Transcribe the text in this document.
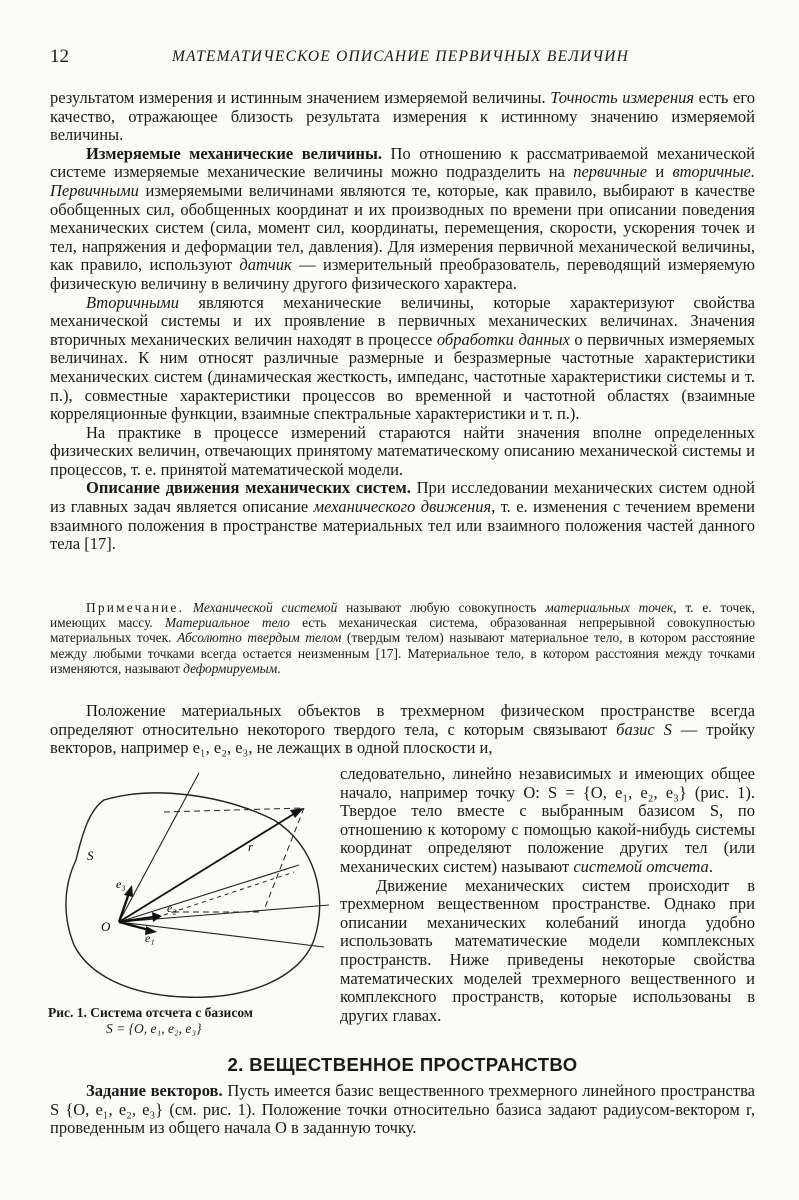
12	МАТЕМАТИЧЕСКОЕ ОПИСАНИЕ ПЕРВИЧНЫХ ВЕЛИЧИН

результатом измерения и истинным значением измеряемой величины. Точность измерения есть его качество, отражающее близость результата измерения к истинному значению измеряемой величины.

Измеряемые механические величины. По отношению к рассматриваемой механической системе измеряемые механические величины можно подразделить на первичные и вторичные. Первичными измеряемыми величинами являются те, которые, как правило, выбирают в качестве обобщенных сил, обобщенных координат и их производных по времени при описании поведения механических систем (сила, момент сил, координаты, перемещения, скорости, ускорения точек и тел, напряжения и деформации тел, давления). Для измерения первичной механической величины, как правило, используют датчик — измерительный преобразователь, переводящий измеряемую физическую величину в величину другого физического характера.

Вторичными являются механические величины, которые характеризуют свойства механической системы и их проявление в первичных механических величинах. Значения вторичных механических величин находят в процессе обработки данных о первичных измеряемых величинах. К ним относят различные размерные и безразмерные частотные характеристики механических систем (динамическая жесткость, импеданс, частотные характеристики системы и т. п.), совместные характеристики процессов во временной и частотной областях (взаимные корреляционные функции, взаимные спектральные характеристики и т. п.).

На практике в процессе измерений стараются найти значения вполне определенных физических величин, отвечающих принятому математическому описанию механической системы и процессов, т. е. принятой математической модели.

Описание движения механических систем. При исследовании механических систем одной из главных задач является описание механического движения, т. е. изменения с течением времени взаимного положения в пространстве материальных тел или взаимного положения частей данного тела [17].

Примечание. Механической системой называют любую совокупность материальных точек, т. е. точек, имеющих массу. Материальное тело есть механическая система, образованная непрерывной совокупностью материальных точек. Абсолютно твердым телом (твердым телом) называют материальное тело, в котором расстояние между любыми точками всегда остается неизменным [17]. Материальное тело, в котором расстояния между точками изменяются, называют деформируемым.

Положение материальных объектов в трехмерном физическом пространстве всегда определяют относительно некоторого твердого тела, с которым связывают базис S — тройку векторов, например e₁, e₂, e₃, не лежащих в одной плоскости и,

следовательно, линейно независимых и имеющих общее начало, например точку O: S = {O, e₁, e₂, e₃} (рис. 1). Твердое тело вместе с выбранным базисом S, по отношению к которому с помощью какой-нибудь системы координат определяют положение других тел (или механических систем) называют системой отсчета.

Движение механических систем происходит в трехмерном вещественном пространстве. Однако при описании механических колебаний иногда удобно использовать математические модели комплексных пространств. Ниже приведены некоторые свойства математических моделей трехмерного вещественного и комплексного пространств, которые использованы в других главах.

S
O
e₃
e₂
e₁
r
Рис. 1. Система отсчета с базисом
S = {O, e₁, e₂, e₃}
2. ВЕЩЕСТВЕННОЕ ПРОСТРАНСТВО

Задание векторов. Пусть имеется базис вещественного трехмерного линейного пространства S {O, e₁, e₂, e₃} (см. рис. 1). Положение точки относительно базиса задают радиусом-вектором r, проведенным из общего начала O в заданную точку.
